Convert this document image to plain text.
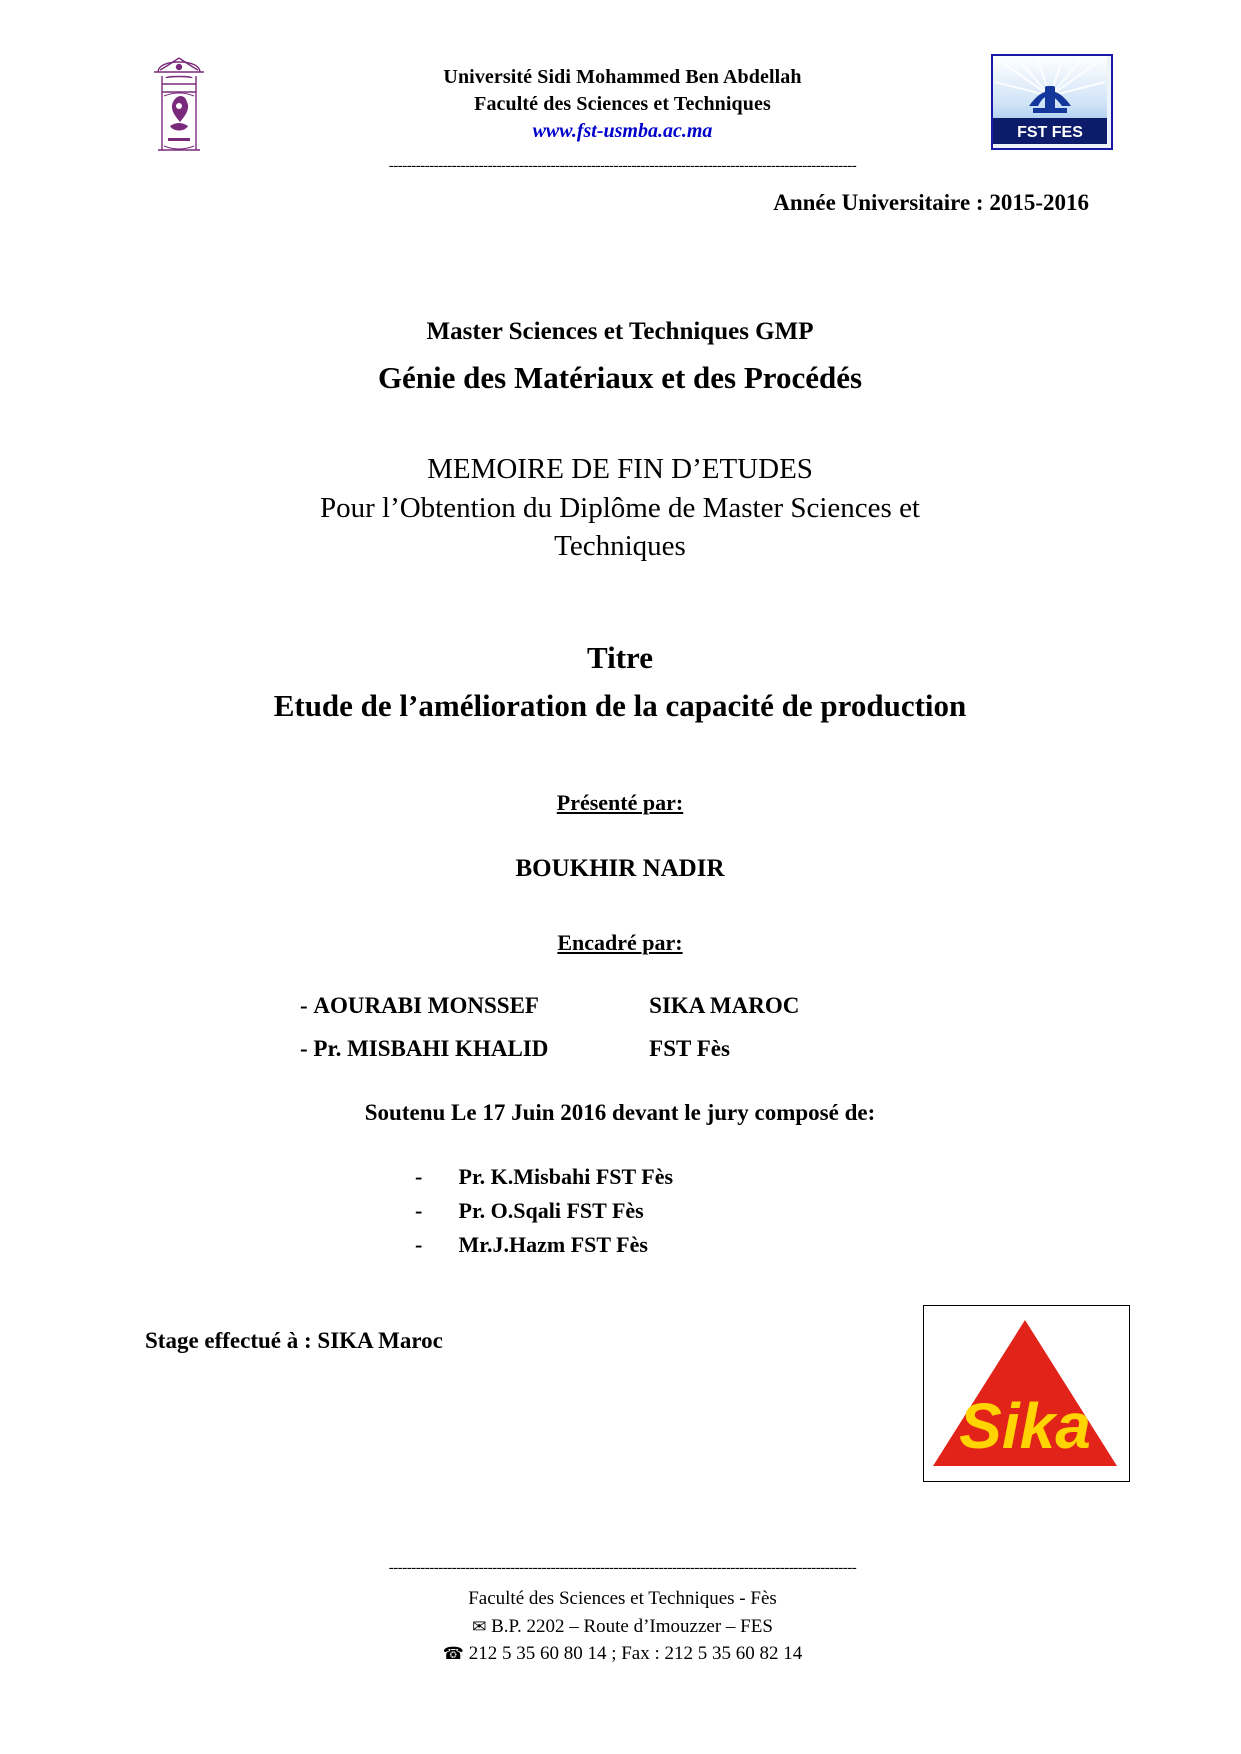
Université Sidi Mohammed Ben Abdellah
Faculté des Sciences et Techniques
www.fst-usmba.ac.ma	FST FES
--------------------------------------------------------------------------------------------------------
Année Universitaire : 2015-2016
Master Sciences et Techniques GMP
Génie des Matériaux et des Procédés
MEMOIRE DE FIN D’ETUDES
Pour l’Obtention du Diplôme de Master Sciences et
Techniques
Titre
Etude de l’amélioration de la capacité de production
Présenté par:
BOUKHIR NADIR
Encadré par:
- AOURABI MONSSEF	SIKA MAROC
- Pr. MISBAHI KHALID	FST Fès
Soutenu Le 17 Juin 2016 devant le jury composé de:
- Pr. K.Misbahi FST Fès
- Pr. O.Sqali FST Fès
- Mr.J.Hazm FST Fès
Stage effectué à : SIKA Maroc
Sika ®
--------------------------------------------------------------------------------------------------------
Faculté des Sciences et Techniques - Fès
✉ B.P. 2202 – Route d’Imouzzer – FES
☎ 212 5 35 60 80 14 ; Fax : 212 5 35 60 82 14
